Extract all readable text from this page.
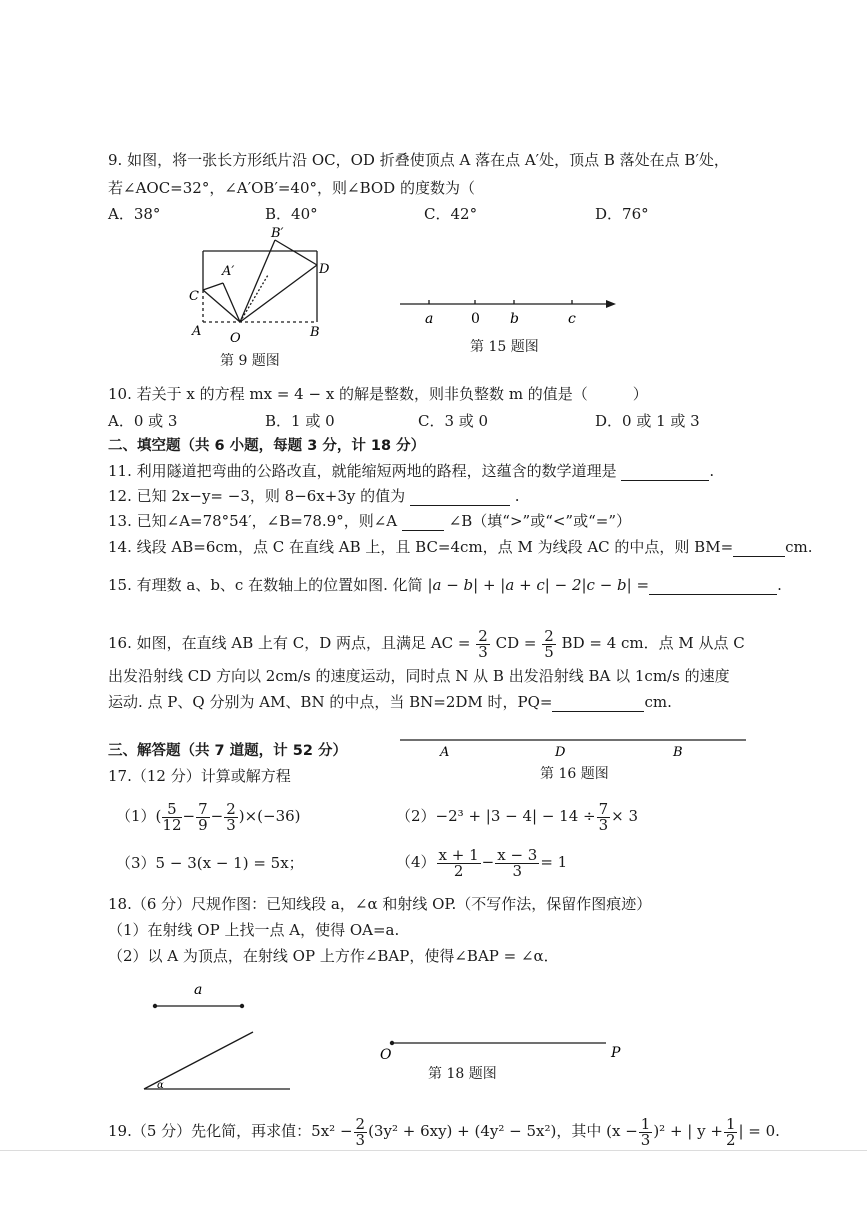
9. 如图，将一张长方形纸片沿 OC，OD 折叠使顶点 A 落在点 A′处，顶点 B 落处在点 B′处，
若∠AOC=32°，∠A′OB′=40°，则∠BOD 的度数为（
A．38°	B．40°	C．42°	D．76°
B′
A′	D
C
A O	B
第 9 题图
a	0 b	c
第 15 题图
10. 若关于 x 的方程 mx = 4 − x 的解是整数，则非负整数 m 的值是（　　　）
A．0 或 3	B．1 或 0	C．3 或 0	D．0 或 1 或 3
二、填空题（共 6 小题，每题 3 分，计 18 分）
11. 利用隧道把弯曲的公路改直，就能缩短两地的路程，这蕴含的数学道理是	.
12. 已知 2x−y= −3，则 8−6x+3y 的值为	.
13. 已知∠A=78°54′，∠B=78.9°，则∠A	∠B（填“>”或“<”或“=”）
14. 线段 AB=6cm，点 C 在直线 AB 上，且 BC=4cm，点 M 为线段 AC 的中点，则 BM=	cm.
15. 有理数 a、b、c 在数轴上的位置如图. 化简 |a − b| + |a + c| − 2|c − b| =	.
16. 如图，在直线 AB 上有 C，D 两点，且满足 AC = $\frac{2}{3}$ CD = $\frac{2}{5}$ BD = 4 cm．点 M 从点 C
出发沿射线 CD 方向以 2cm/s 的速度运动，同时点 N 从 B 出发沿射线 BA 以 1cm/s 的速度
运动. 点 P、Q 分别为 AM、BN 的中点，当 BN=2DM 时，PQ=	cm.
A	D	B
第 16 题图
三、解答题（共 7 道题，计 52 分）
17.（12 分）计算或解方程
$(1)( \frac{5}{12} - \frac{7}{9} - \frac{2}{3} )\times(-36)$	$(2)-2^3 + |3 - 4| - 14 \div \frac{7}{3} \times 3$
（3）5 − 3(x − 1) = 5x；	$(4) \frac{x + 1}{2} - \frac{x - 3}{3} = 1$
18.（6 分）尺规作图：已知线段 a，∠α 和射线 OP.（不写作法，保留作图痕迹）
（1）在射线 OP 上找一点 A，使得 OA=a.
（2）以 A 为顶点，在射线 OP 上方作∠BAP，使得∠BAP = ∠α．
a
α
O	P
第 18 题图
19.（5 分）先化简，再求值：$5x^2 - \frac{2}{3} (3y^2 + 6xy) + (4y^2 - 5x^2)$，其中 $(x - \frac{1}{3} )^2$ + | $y + \frac{1}{2}$ | = 0.
